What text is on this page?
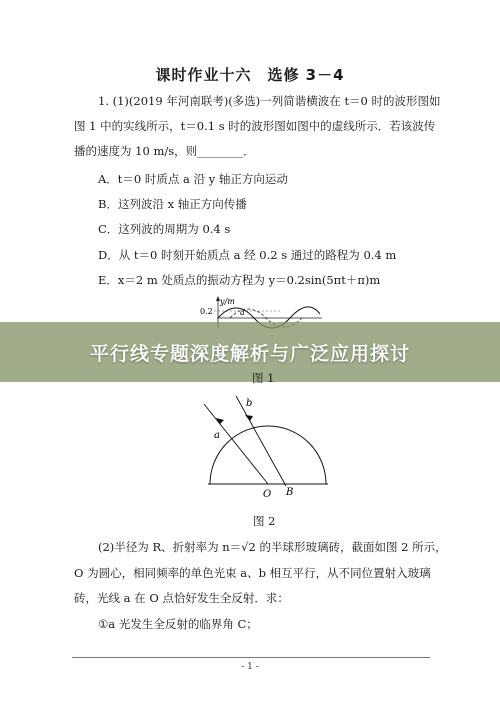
课时作业十六　选修 3－4
1. (1)(2019 年河南联考)(多选)一列简谐横波在 t＝0 时的波形图如
图 1 中的实线所示，t＝0.1 s 时的波形图如图中的虚线所示．若该波传
播的速度为 10 m/s，则________．
A．t＝0 时质点 a 沿 y 轴正方向运动
B．这列波沿 x 轴正方向传播
C．这列波的周期为 0.4 s
D．从 t＝0 时刻开始质点 a 经 0.2 s 通过的路程为 0.4 m
E．x＝2 m 处质点的振动方程为 y＝0.2sin(5πt＋π)m
y/m
0.2	a
平行线专题深度解析与广泛应用探讨
图 1
a
b
O B
图 2
(2)半径为 R、折射率为 n＝√2 的半球形玻璃砖，截面如图 2 所示，
O 为圆心，相同频率的单色光束 a、b 相互平行，从不同位置射入玻璃
砖，光线 a 在 O 点恰好发生全反射．求：
①a 光发生全反射的临界角 C；
- 1 -
